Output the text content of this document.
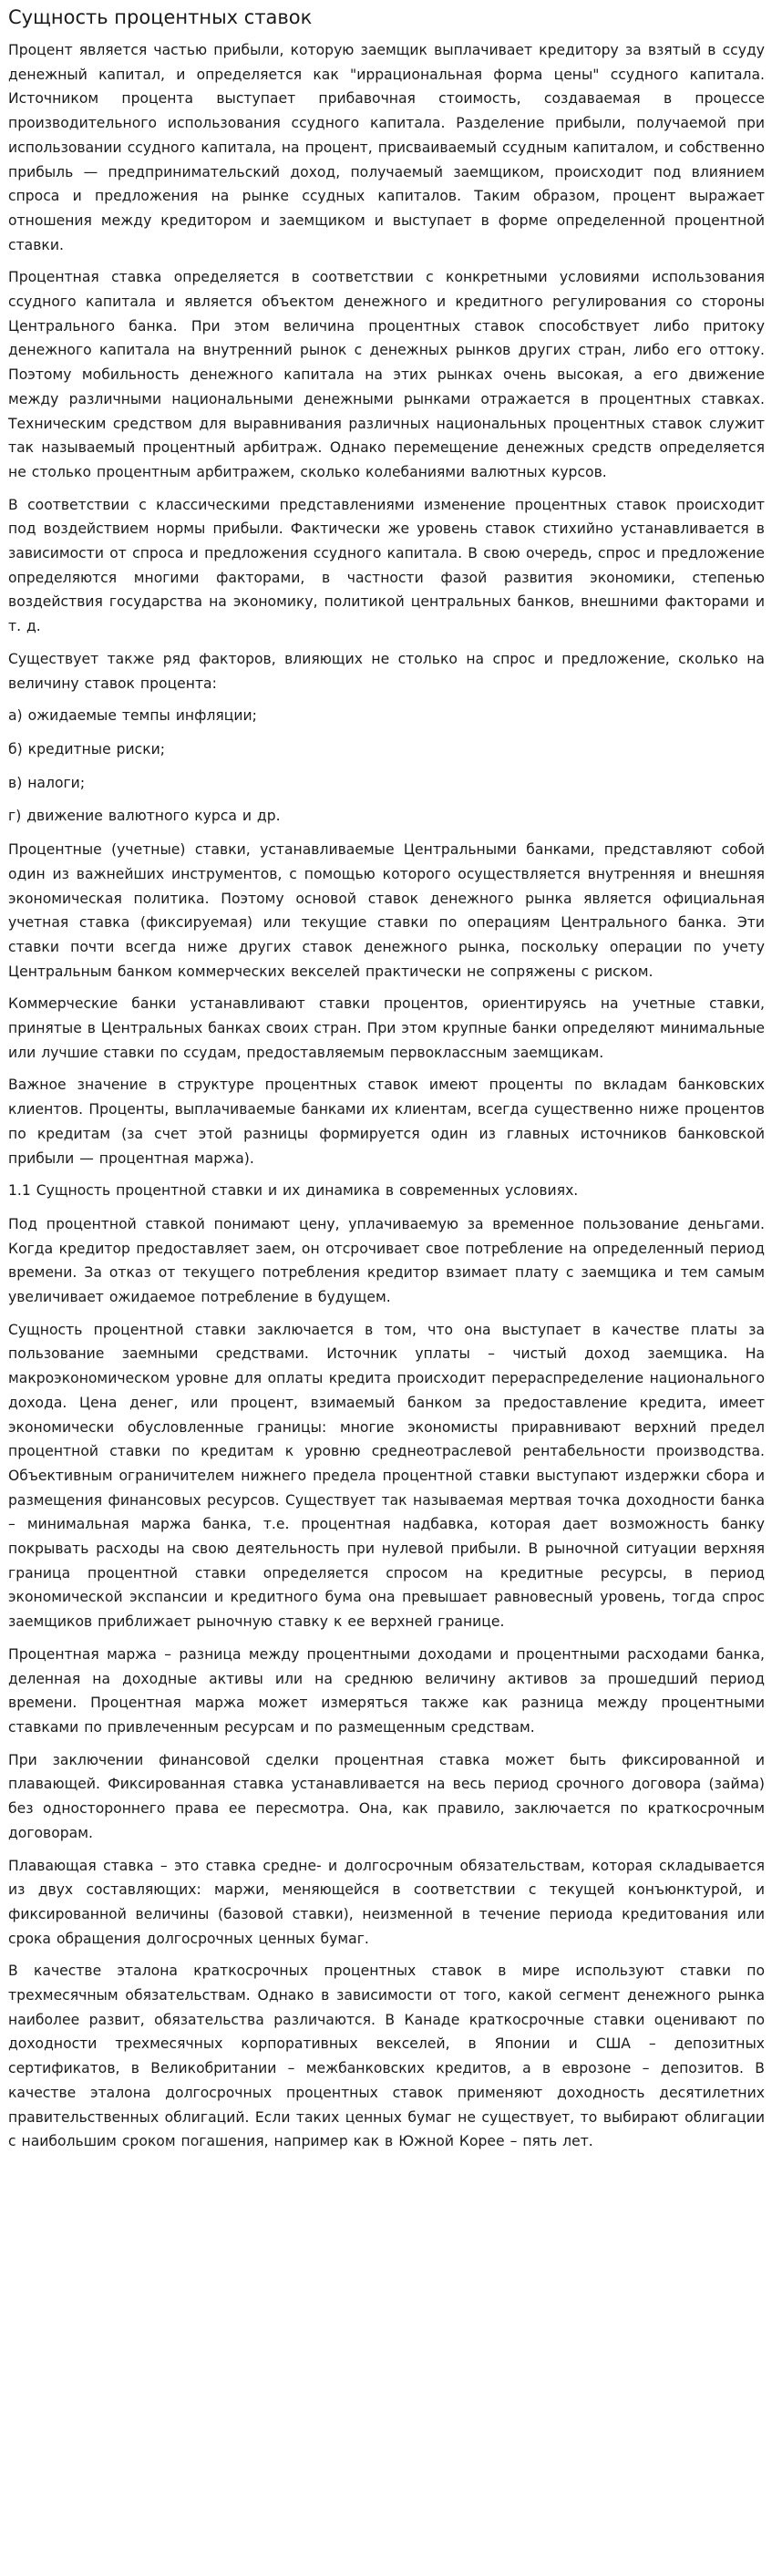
Сущность процентных ставок

Процент является частью прибыли, которую заемщик выплачивает кредитору за взятый в ссуду денежный капитал, и определяется как "иррациональная форма цены" ссудного капитала. Источником процента выступает прибавочная стоимость, создаваемая в процессе производительного использования ссудного капитала. Разделение прибыли, получаемой при использовании ссудного капитала, на процент, присваиваемый ссудным капиталом, и собственно прибыль — предпринимательский доход, получаемый заемщиком, происходит под влиянием спроса и предложения на рынке ссудных капиталов. Таким образом, процент выражает отношения между кредитором и заемщиком и выступает в форме определенной процентной ставки.

Процентная ставка определяется в соответствии с конкретными условиями использования ссудного капитала и является объектом денежного и кредитного регулирования со стороны Центрального банка. При этом величина процентных ставок способствует либо притоку денежного капитала на внутренний рынок с денежных рынков других стран, либо его оттоку. Поэтому мобильность денежного капитала на этих рынках очень высокая, а его движение между различными национальными денежными рынками отражается в процентных ставках. Техническим средством для выравнивания различных национальных процентных ставок служит так называемый процентный арбитраж. Однако перемещение денежных средств определяется не столько процентным арбитражем, сколько колебаниями валютных курсов.

В соответствии с классическими представлениями изменение процентных ставок происходит под воздействием нормы прибыли. Фактически же уровень ставок стихийно устанавливается в зависимости от спроса и предложения ссудного капитала. В свою очередь, спрос и предложение определяются многими факторами, в частности фазой развития экономики, степенью воздействия государства на экономику, политикой центральных банков, внешними факторами и т. д.

Существует также ряд факторов, влияющих не столько на спрос и предложение, сколько на величину ставок процента:

а) ожидаемые темпы инфляции;

б) кредитные риски;

в) налоги;

г) движение валютного курса и др.

Процентные (учетные) ставки, устанавливаемые Центральными банками, представляют собой один из важнейших инструментов, с помощью которого осуществляется внутренняя и внешняя экономическая политика. Поэтому основой ставок денежного рынка является официальная учетная ставка (фиксируемая) или текущие ставки по операциям Центрального банка. Эти ставки почти всегда ниже других ставок денежного рынка, поскольку операции по учету Центральным банком коммерческих векселей практически не сопряжены с риском.

Коммерческие банки устанавливают ставки процентов, ориентируясь на учетные ставки, принятые в Центральных банках своих стран. При этом крупные банки определяют минимальные или лучшие ставки по ссудам, предоставляемым первоклассным заемщикам.

Важное значение в структуре процентных ставок имеют проценты по вкладам банковских клиентов. Проценты, выплачиваемые банками их клиентам, всегда существенно ниже процентов по кредитам (за счет этой разницы формируется один из главных источников банковской прибыли — процентная маржа).

1.1 Сущность процентной ставки и их динамика в современных условиях.

Под процентной ставкой понимают цену, уплачиваемую за временное пользование деньгами. Когда кредитор предоставляет заем, он отсрочивает свое потребление на определенный период времени. За отказ от текущего потребления кредитор взимает плату с заемщика и тем самым увеличивает ожидаемое потребление в будущем.

Сущность процентной ставки заключается в том, что она выступает в качестве платы за пользование заемными средствами. Источник уплаты – чистый доход заемщика. На макроэкономическом уровне для оплаты кредита происходит перераспределение национального дохода. Цена денег, или процент, взимаемый банком за предоставление кредита, имеет экономически обусловленные границы: многие экономисты приравнивают верхний предел процентной ставки по кредитам к уровню среднеотраслевой рентабельности производства. Объективным ограничителем нижнего предела процентной ставки выступают издержки сбора и размещения финансовых ресурсов. Существует так называемая мертвая точка доходности банка – минимальная маржа банка, т.е. процентная надбавка, которая дает возможность банку покрывать расходы на свою деятельность при нулевой прибыли. В рыночной ситуации верхняя граница процентной ставки определяется спросом на кредитные ресурсы, в период экономической экспансии и кредитного бума она превышает равновесный уровень, тогда спрос заемщиков приближает рыночную ставку к ее верхней границе.

Процентная маржа – разница между процентными доходами и процентными расходами банка, деленная на доходные активы или на среднюю величину активов за прошедший период времени. Процентная маржа может измеряться также как разница между процентными ставками по привлеченным ресурсам и по размещенным средствам.

При заключении финансовой сделки процентная ставка может быть фиксированной и плавающей. Фиксированная ставка устанавливается на весь период срочного договора (займа) без одностороннего права ее пересмотра. Она, как правило, заключается по краткосрочным договорам.

Плавающая ставка – это ставка средне- и долгосрочным обязательствам, которая складывается из двух составляющих: маржи, меняющейся в соответствии с текущей конъюнктурой, и фиксированной величины (базовой ставки), неизменной в течение периода кредитования или срока обращения долгосрочных ценных бумаг.

В качестве эталона краткосрочных процентных ставок в мире используют ставки по трехмесячным обязательствам. Однако в зависимости от того, какой сегмент денежного рынка наиболее развит, обязательства различаются. В Канаде краткосрочные ставки оценивают по доходности трехмесячных корпоративных векселей, в Японии и США – депозитных сертификатов, в Великобритании – межбанковских кредитов, а в еврозоне – депозитов. В качестве эталона долгосрочных процентных ставок применяют доходность десятилетних правительственных облигаций. Если таких ценных бумаг не существует, то выбирают облигации с наибольшим сроком погашения, например как в Южной Корее – пять лет.
